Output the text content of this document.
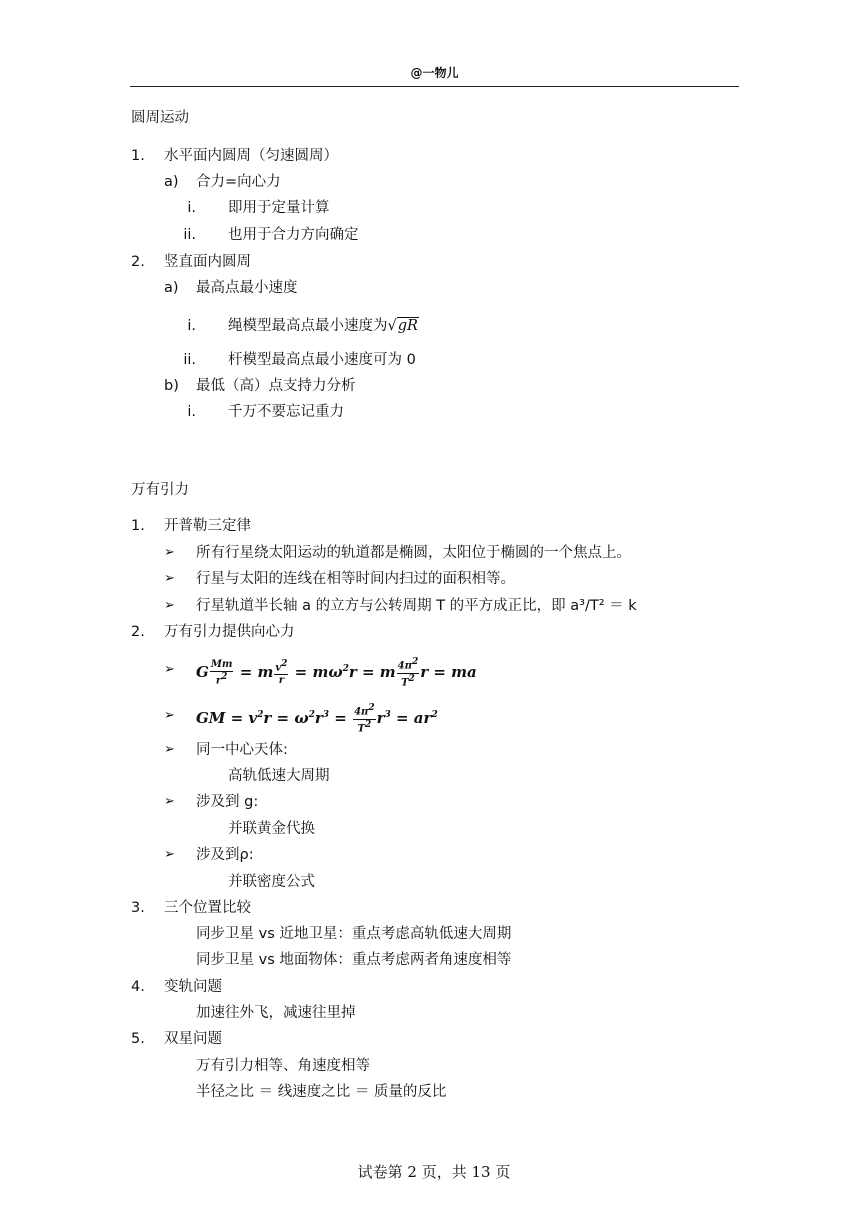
@一物儿
圆周运动
1. 水平面内圆周（匀速圆周）
a) 合力=向心力
i. 即用于定量计算
ii. 也用于合力方向确定
2. 竖直面内圆周
a) 最高点最小速度
i. 绳模型最高点最小速度为√gR
ii. 杆模型最高点最小速度可为 0
b) 最低（高）点支持力分析
i. 千万不要忘记重力
万有引力
1. 开普勒三定律
➢ 所有行星绕太阳运动的轨道都是椭圆，太阳位于椭圆的一个焦点上。
➢ 行星与太阳的连线在相等时间内扫过的面积相等。
➢ 行星轨道半长轴 a 的立方与公转周期 T 的平方成正比，即 a³/T² ＝ k
2. 万有引力提供向心力
➢ G $\frac{Mm}{r^2} = m \frac{v^2}{r} = m\omega^2r = m \frac{4\pi^2}{T^2}$ r = ma
➢ GM = $v^2r = \omega^2r^3 = \frac{4\pi^2}{T^2} r^3 = ar^2$
➢ 同一中心天体:
高轨低速大周期
➢ 涉及到 g:
并联黄金代换
➢ 涉及到ρ:
并联密度公式
3. 三个位置比较
同步卫星 vs 近地卫星：重点考虑高轨低速大周期
同步卫星 vs 地面物体：重点考虑两者角速度相等
4. 变轨问题
加速往外飞，减速往里掉
5. 双星问题
万有引力相等、角速度相等
半径之比 ＝ 线速度之比 ＝ 质量的反比
试卷第 2 页，共 13 页
